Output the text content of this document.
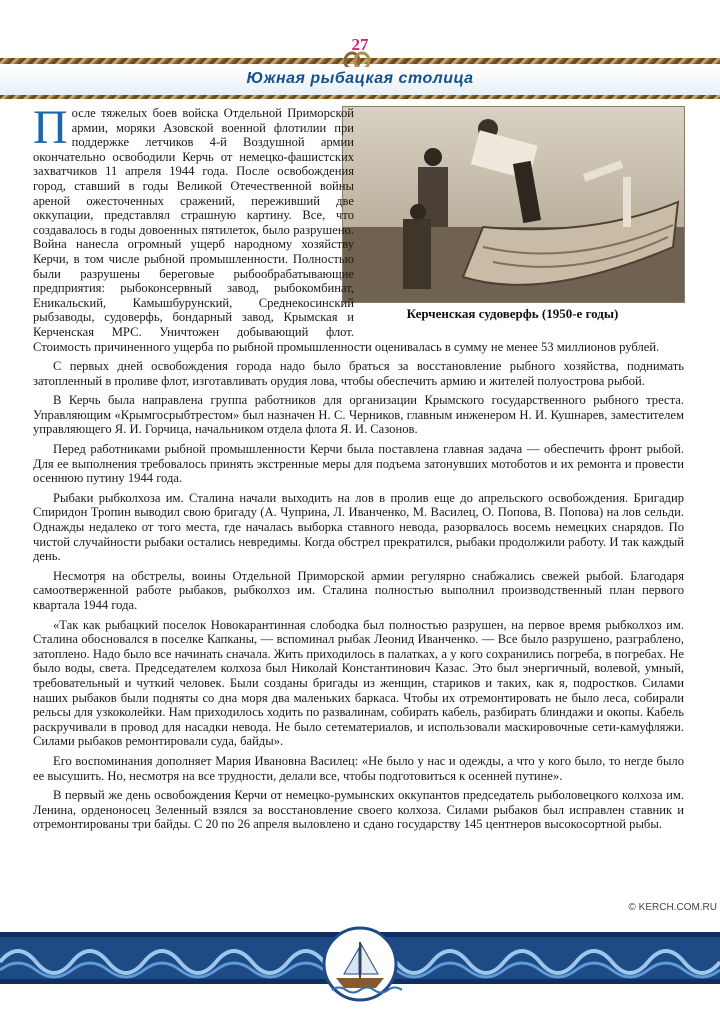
27
Южная рыбацкая столица
Керченская судоверфь (1950-е годы)

После тяжелых боев войска Отдельной Приморской армии, моряки Азовской военной флотилии при поддержке летчиков 4-й Воздушной армии окончательно освободили Керчь от немецко-фашистских захватчиков 11 апреля 1944 года. После освобождения город, ставший в годы Великой Отечественной войны ареной ожесточенных сражений, переживший две оккупации, представлял страшную картину. Все, что создавалось в годы довоенных пятилеток, было разрушено. Война нанесла огромный ущерб народному хозяйству Керчи, в том числе рыбной промышленности. Полностью были разрушены береговые рыбообрабатывающие предприятия: рыбоконсервный завод, рыбокомбинат, Еникальский, Камышбурунский, Среднекосинский рыбзаводы, судоверфь, бондарный завод, Крымская и Керченская МРС. Уничтожен добывающий флот. Стоимость причиненного ущерба по рыбной промышленности оценивалась в сумму не менее 53 миллионов рублей.

С первых дней освобождения города надо было браться за восстановление рыбного хозяйства, поднимать затопленный в проливе флот, изготавливать орудия лова, чтобы обеспечить армию и жителей полуострова рыбой.

В Керчь была направлена группа работников для организации Крымского государственного рыбного треста. Управляющим «Крымгосрыбтрестом» был назначен Н. С. Черников, главным инженером Н. И. Кушнарев, заместителем управляющего Я. И. Горчица, начальником отдела флота Я. И. Сазонов.

Перед работниками рыбной промышленности Керчи была поставлена главная задача — обеспечить фронт рыбой. Для ее выполнения требовалось принять экстренные меры для подъема затонувших мотоботов и их ремонта и провести осеннюю путину 1944 года.

Рыбаки рыбколхоза им. Сталина начали выходить на лов в пролив еще до апрельского освобождения. Бригадир Спиридон Тропин выводил свою бригаду (А. Чуприна, Л. Иванченко, М. Василец, О. Попова, В. Попова) на лов сельди. Однажды недалеко от того места, где началась выборка ставного невода, разорвалось восемь немецких снарядов. По чистой случайности рыбаки остались невредимы. Когда обстрел прекратился, рыбаки продолжили работу. И так каждый день.

Несмотря на обстрелы, воины Отдельной Приморской армии регулярно снабжались свежей рыбой. Благодаря самоотверженной работе рыбаков, рыбколхоз им. Сталина полностью выполнил производственный план первого квартала 1944 года.

«Так как рыбацкий поселок Новокарантинная слободка был полностью разрушен, на первое время рыбколхоз им. Сталина обосновался в поселке Капканы, — вспоминал рыбак Леонид Иванченко. — Все было разрушено, разграблено, затоплено. Надо было все начинать сначала. Жить приходилось в палатках, а у кого сохранились погреба, в погребах. Не было воды, света. Председателем колхоза был Николай Константинович Казас. Это был энергичный, волевой, умный, требовательный и чуткий человек. Были созданы бригады из женщин, стариков и таких, как я, подростков. Силами наших рыбаков были подняты со дна моря два маленьких баркаса. Чтобы их отремонтировать не было леса, собирали рельсы для узкоколейки. Нам приходилось ходить по развалинам, собирать кабель, разбирать блиндажи и окопы. Кабель раскручивали в провод для насадки невода. Не было сетематериалов, и использовали маскировочные сети-камуфляжи. Силами рыбаков ремонтировали суда, байды».

Его воспоминания дополняет Мария Ивановна Василец: «Не было у нас и одежды, а что у кого было, то негде было ее высушить. Но, несмотря на все трудности, делали все, чтобы подготовиться к осенней путине».

В первый же день освобождения Керчи от немецко-румынских оккупантов председатель рыболовецкого колхоза им. Ленина, орденоносец Зеленный взялся за восстановление своего колхоза. Силами рыбаков был исправлен ставник и отремонтированы три байды. С 20 по 26 апреля выловлено и сдано государству 145 центнеров высокосортной рыбы.

© KERCH.COM.RU
